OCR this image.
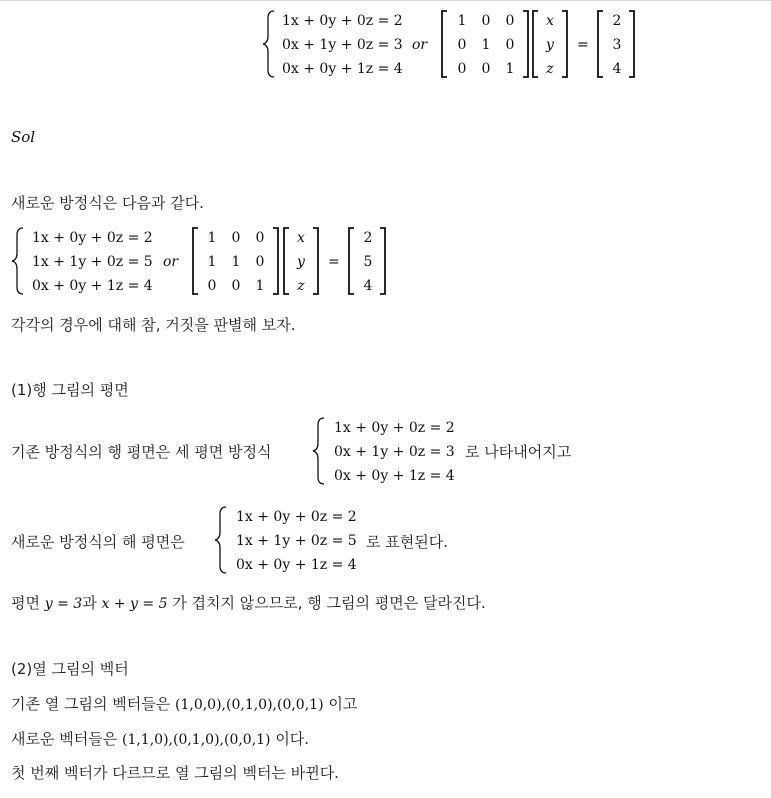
1x + 0y + 0z = 2
0x + 1y + 0z = 3
0x + 0y + 1z = 4
or
1	0	0
0	1	0
0	0	1
x
y
z
=
2
3
4
Sol
새로운 방정식은 다음과 같다.
1x + 0y + 0z = 2
1x + 1y + 0z = 5
0x + 0y + 1z = 4
or
1	0	0
1	1	0
0	0	1
x
y
z
=
2
5
4
각각의 경우에 대해 참, 거짓을 판별해 보자.
(1)행 그림의 평면
기존 방정식의 행 평면은 세 평면 방정식
1x + 0y + 0z = 2
0x + 1y + 0z = 3
0x + 0y + 1z = 4
로 나타내어지고
새로운 방정식의 해 평면은
1x + 0y + 0z = 2
1x + 1y + 0z = 5
0x + 0y + 1z = 4
로 표현된다.
평면 y = 3과 x + y = 5 가 겹치지 않으므로, 행 그림의 평면은 달라진다.
(2)열 그림의 벡터
기존 열 그림의 벡터들은 (1,0,0),(0,1,0),(0,0,1) 이고
새로운 벡터들은 (1,1,0),(0,1,0),(0,0,1) 이다.
첫 번째 벡터가 다르므로 열 그림의 벡터는 바뀐다.
